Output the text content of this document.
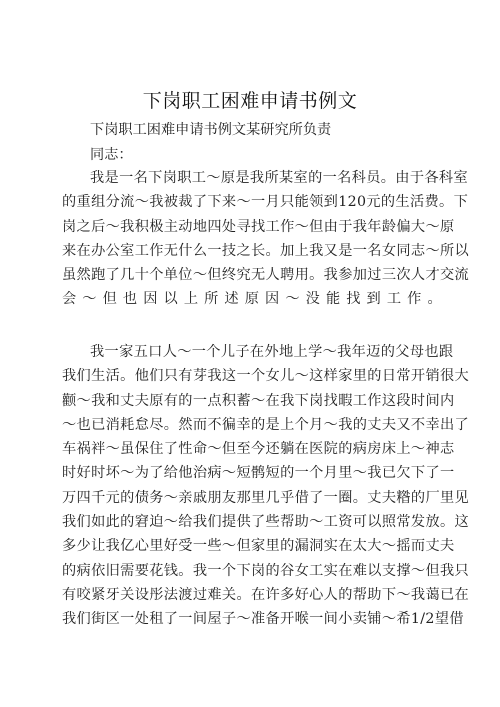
下岗职工困难申请书例文
下岗职工困难申请书例文某研究所负责
同志：
我是一名下岗职工～原是我所某室的一名科员。由于各科室
的重组分流～我被裁了下来～一月只能领到120元的生活费。下
岗之后～我积极主动地四处寻找工作～但由于我年龄偏大～原
来在办公室工作无什么一技之长。加上我又是一名女同志～所以
虽然跑了几十个单位～但终究无人聘用。我参加过三次人才交流
会～但也因以上所述原因～没能找到工作。
我一家五口人～一个儿子在外地上学～我年迈的父母也跟
我们生活。他们只有芽我这一个女儿～这样家里的日常开销很大
颧～我和丈夫原有的一点积蓄～在我下岗找暇工作这段时间内
～也已消耗怠尽。然而不徧幸的是上个月～我的丈夫又不幸出了
车祸袢～虽保住了性命～但至今还躺在医院的病房床上～神志
时好时坏～为了给他治病～短鹘短的一个月里～我已欠下了一
万四千元的债务～亲戚朋友那里几乎借了一圈。丈夫糌的厂里见
我们如此的窘迫～给我们提供了些帮助～工资可以照常发放。这
多少让我亿心里好受一些～但家里的漏洞实在太大～摇而丈夫
的病依旧需要花钱。我一个下岗的谷女工实在难以支撑～但我只
有咬紧牙关设彤法渡过难关。在许多好心人的帮助下～我蔼已在
我们街区一处租了一间屋子～准备开喉一间小卖铺～希1/2望借
